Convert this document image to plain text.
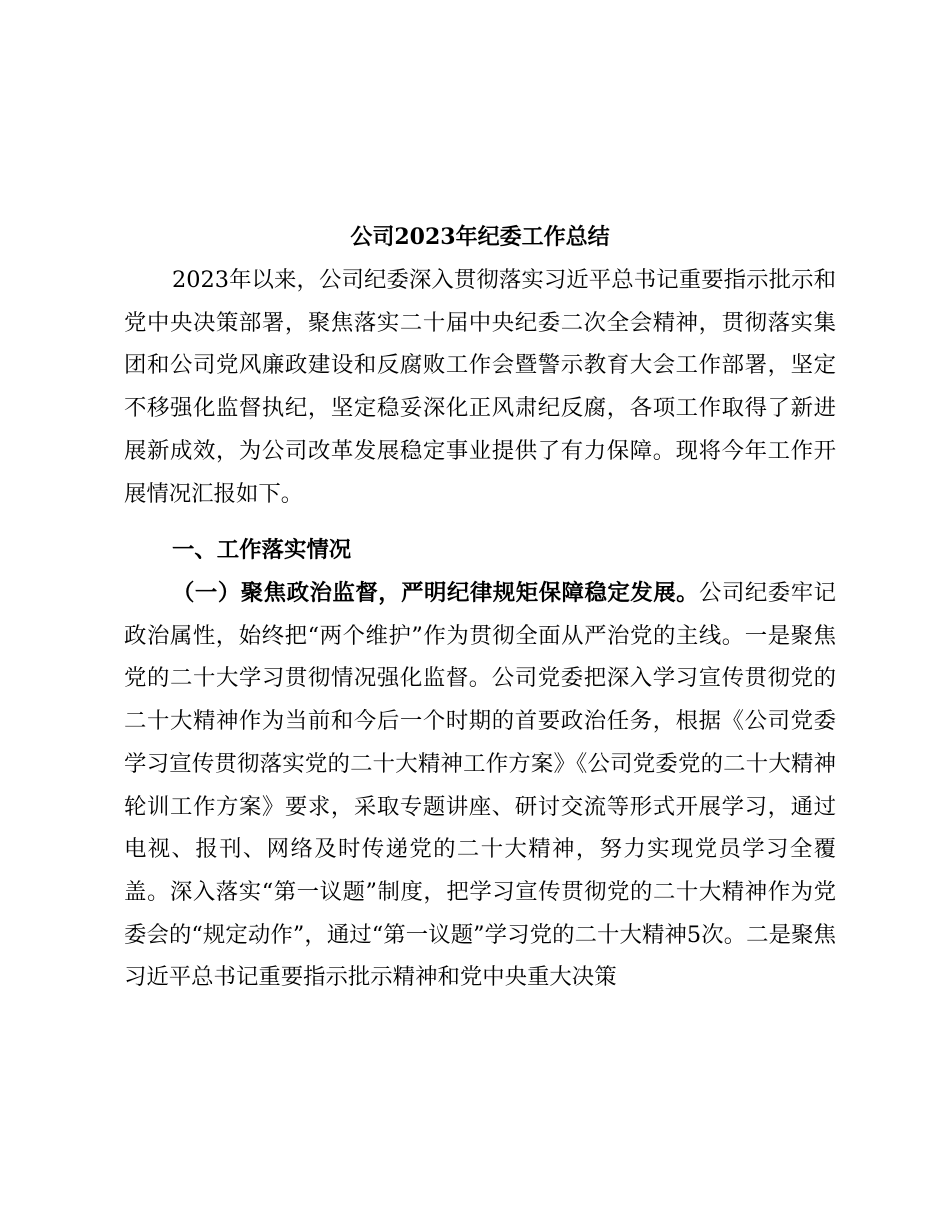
公司2023年纪委工作总结

2023年以来，公司纪委深入贯彻落实习近平总书记重要指示批示和党中央决策部署，聚焦落实二十届中央纪委二次全会精神，贯彻落实集团和公司党风廉政建设和反腐败工作会暨警示教育大会工作部署，坚定不移强化监督执纪，坚定稳妥深化正风肃纪反腐，各项工作取得了新进展新成效，为公司改革发展稳定事业提供了有力保障。现将今年工作开展情况汇报如下。

一、工作落实情况

（一）聚焦政治监督，严明纪律规矩保障稳定发展。公司纪委牢记政治属性，始终把“两个维护”作为贯彻全面从严治党的主线。一是聚焦党的二十大学习贯彻情况强化监督。公司党委把深入学习宣传贯彻党的二十大精神作为当前和今后一个时期的首要政治任务，根据《公司党委学习宣传贯彻落实党的二十大精神工作方案》《公司党委党的二十大精神轮训工作方案》要求，采取专题讲座、研讨交流等形式开展学习，通过电视、报刊、网络及时传递党的二十大精神，努力实现党员学习全覆盖。深入落实“第一议题”制度，把学习宣传贯彻党的二十大精神作为党委会的“规定动作”，通过“第一议题”学习党的二十大精神5次。二是聚焦习近平总书记重要指示批示精神和党中央重大决策
